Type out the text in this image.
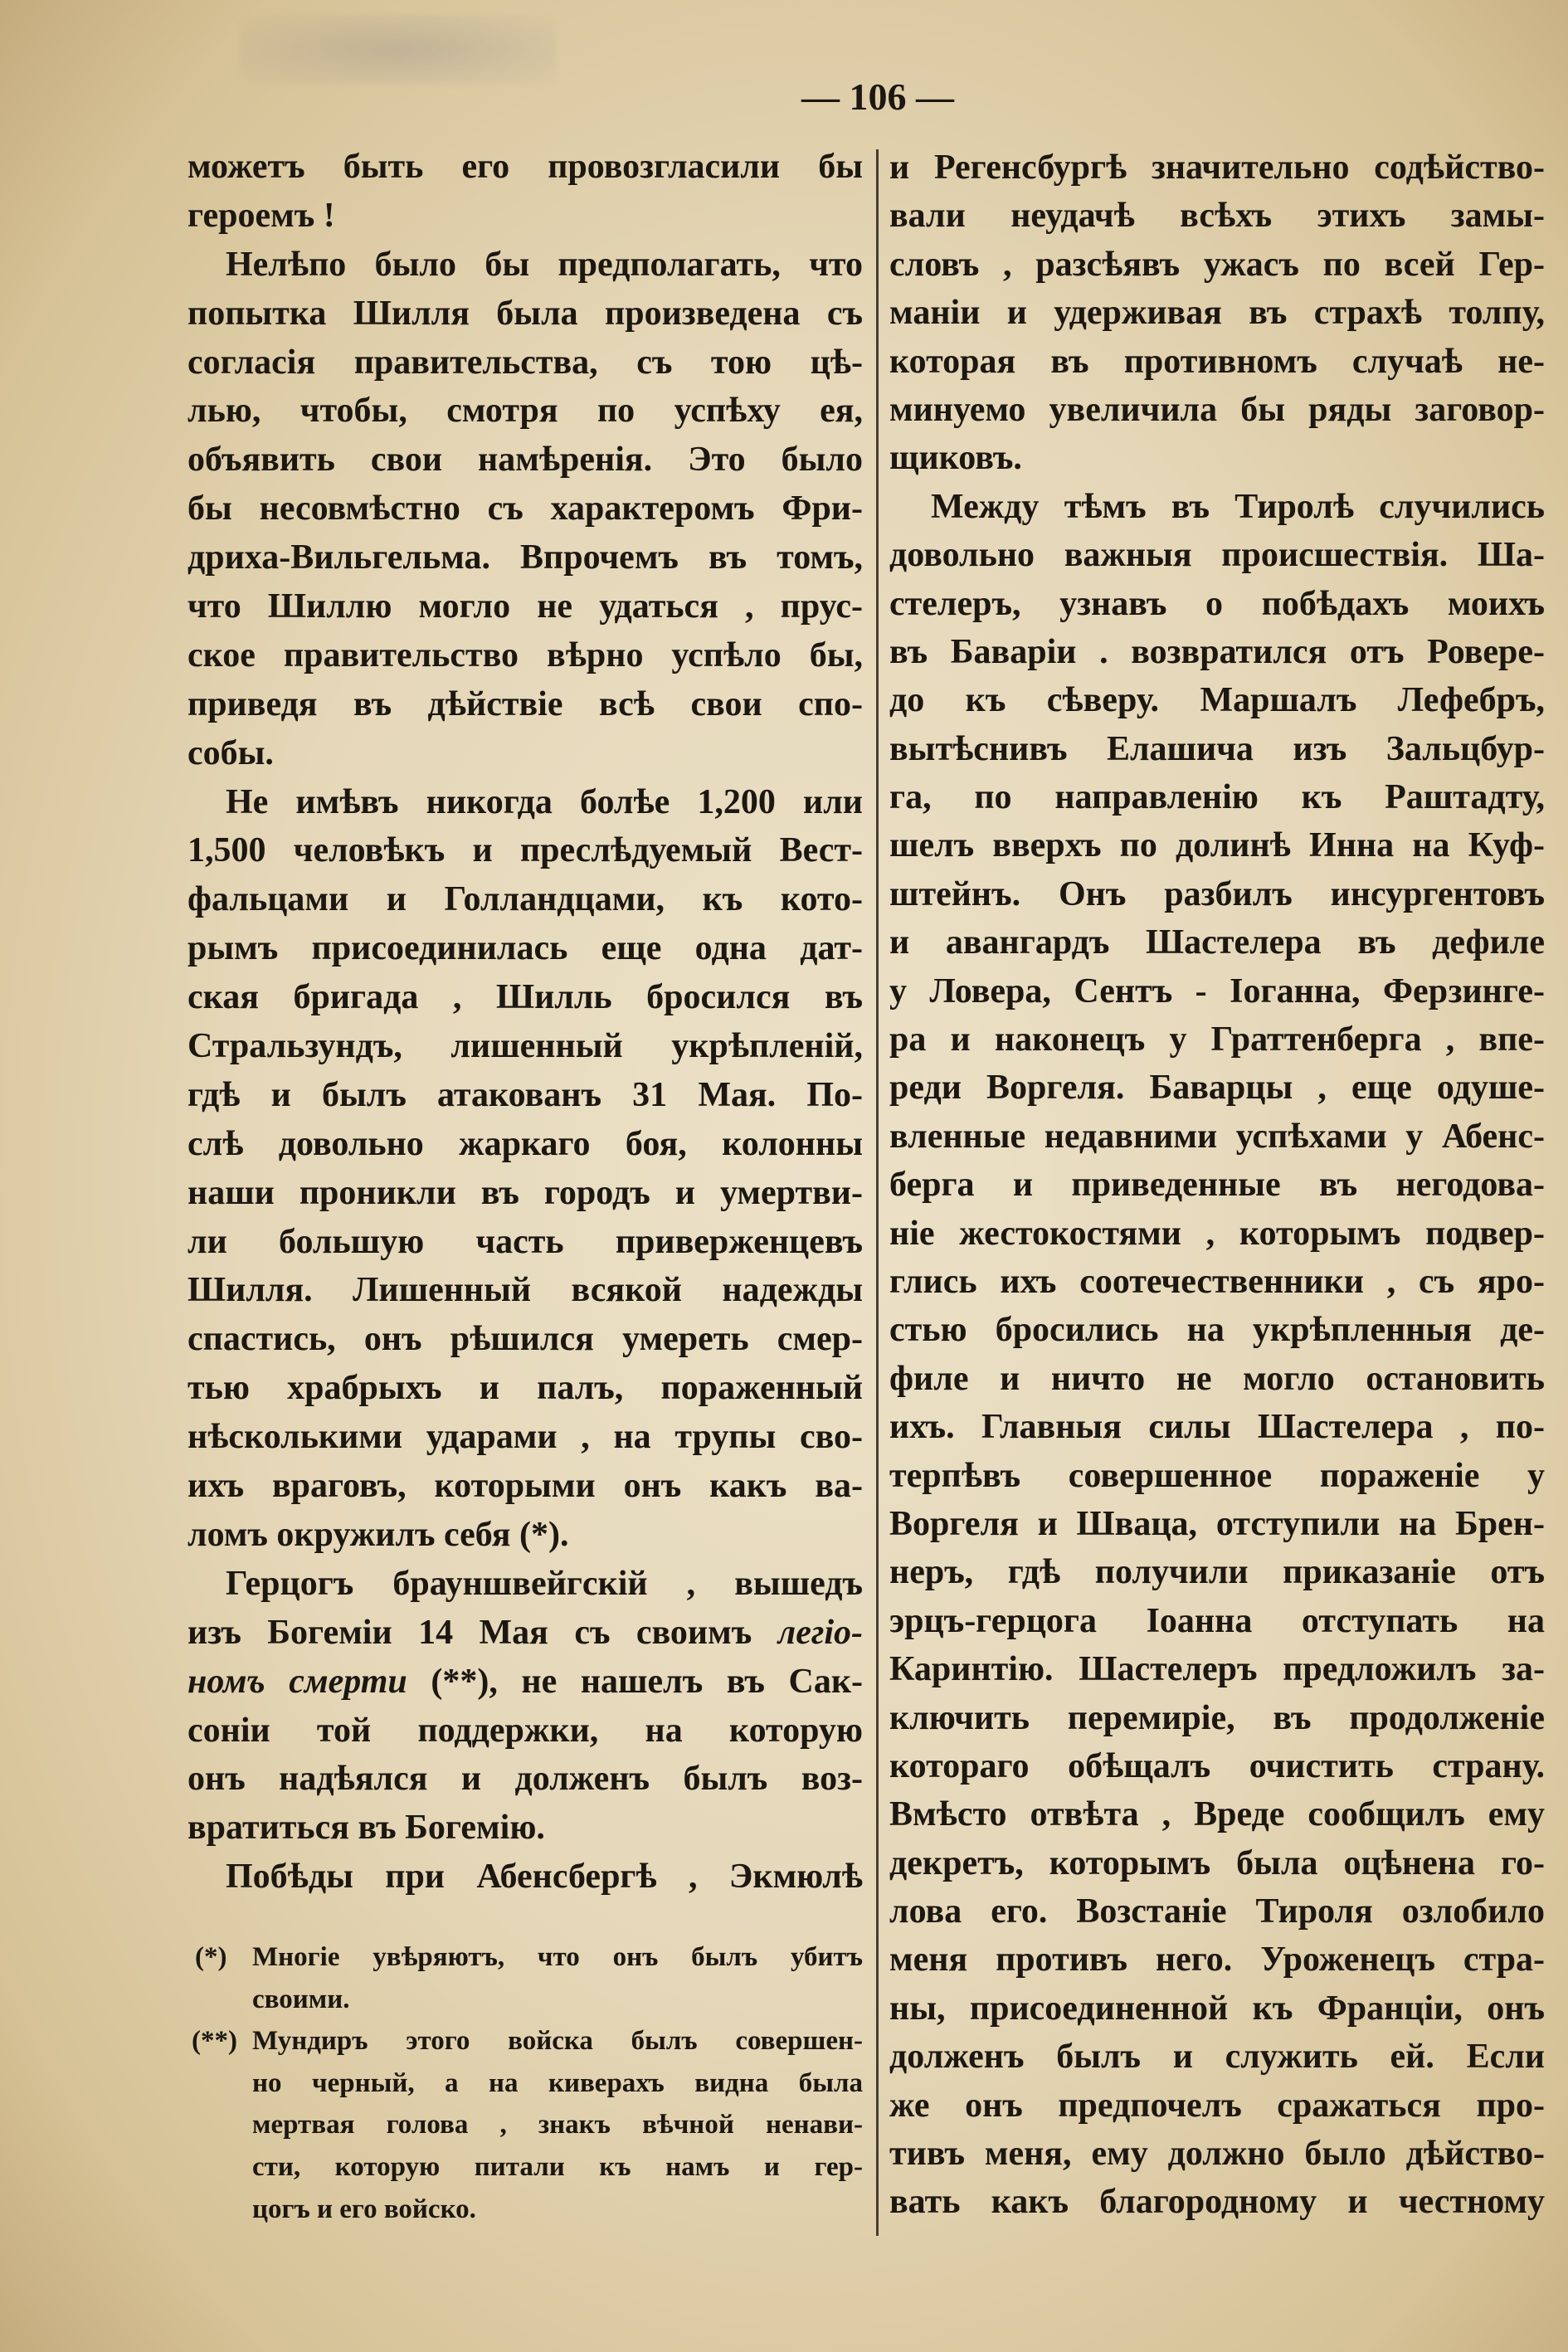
— 106 —
можетъ быть его провозгласили бы
героемъ !
Нелѣпо было бы предполагать, что
попытка Шилля была произведена съ
согласія правительства, съ тою цѣ-
лью, чтобы, смотря по успѣху ея,
объявить свои намѣренія. Это было
бы несовмѣстно съ характеромъ Фри-
дриха-Вильгельма. Впрочемъ въ томъ,
что Шиллю могло не удаться , прус-
ское правительство вѣрно успѣло бы,
приведя въ дѣйствіе всѣ свои спо-
собы.
Не имѣвъ никогда болѣе 1,200 или
1,500 человѣкъ и преслѣдуемый Вест-
фальцами и Голландцами, къ кото-
рымъ присоединилась еще одна дат-
ская бригада , Шилль бросился въ
Стральзундъ, лишенный укрѣпленій,
гдѣ и былъ атакованъ 31 Мая. По-
слѣ довольно жаркаго боя, колонны
наши проникли въ городъ и умертви-
ли большую часть приверженцевъ
Шилля. Лишенный всякой надежды
спастись, онъ рѣшился умереть смер-
тью храбрыхъ и палъ, пораженный
нѣсколькими ударами , на трупы сво-
ихъ враговъ, которыми онъ какъ ва-
ломъ окружилъ себя (*).
Герцогъ брауншвейгскій , вышедъ
изъ Богеміи 14 Мая съ своимъ легіо-
номъ смерти (**), не нашелъ въ Сак-
соніи той поддержки, на которую
онъ надѣялся и долженъ былъ воз-
вратиться въ Богемію.
Побѣды при Абенсбергѣ , Экмюлѣ
(*) Многіе увѣряютъ, что онъ былъ убитъ
своими.
(**) Мундиръ этого войска былъ совершен-
но черный, а на киверахъ видна была
мертвая голова , знакъ вѣчной ненави-
сти, которую питали къ намъ и гер-
цогъ и его войско.
и Регенсбургѣ значительно содѣйство-
вали неудачѣ всѣхъ этихъ замы-
словъ , разсѣявъ ужасъ по всей Гер-
маніи и удерживая въ страхѣ толпу,
которая въ противномъ случаѣ не-
минуемо увеличила бы ряды заговор-
щиковъ.
Между тѣмъ въ Тиролѣ случились
довольно важныя происшествія. Ша-
стелеръ, узнавъ о побѣдахъ моихъ
въ Баваріи . возвратился отъ Ровере-
до къ сѣверу. Маршалъ Лефебръ,
вытѣснивъ Елашича изъ Зальцбур-
га, по направленію къ Раштадту,
шелъ вверхъ по долинѣ Инна на Куф-
штейнъ. Онъ разбилъ инсургентовъ
и авангардъ Шастелера въ дефиле
у Ловера, Сентъ - Іоганна, Ферзинге-
ра и наконецъ у Граттенберга , впе-
реди Воргеля. Баварцы , еще одуше-
вленные недавними успѣхами у Абенс-
берга и приведенные въ негодова-
ніе жестокостями , которымъ подвер-
глись ихъ соотечественники , съ яро-
стью бросились на укрѣпленныя де-
филе и ничто не могло остановить
ихъ. Главныя силы Шастелера , по-
терпѣвъ совершенное пораженіе у
Воргеля и Шваца, отступили на Брен-
неръ, гдѣ получили приказаніе отъ
эрцъ-герцога Іоанна отступать на
Каринтію. Шастелеръ предложилъ за-
ключить перемиріе, въ продолженіе
котораго обѣщалъ очистить страну.
Вмѣсто отвѣта , Вреде сообщилъ ему
декретъ, которымъ была оцѣнена го-
лова его. Возстаніе Тироля озлобило
меня противъ него. Уроженецъ стра-
ны, присоединенной къ Франціи, онъ
долженъ былъ и служить ей. Если
же онъ предпочелъ сражаться про-
тивъ меня, ему должно было дѣйство-
вать какъ благородному и честному
